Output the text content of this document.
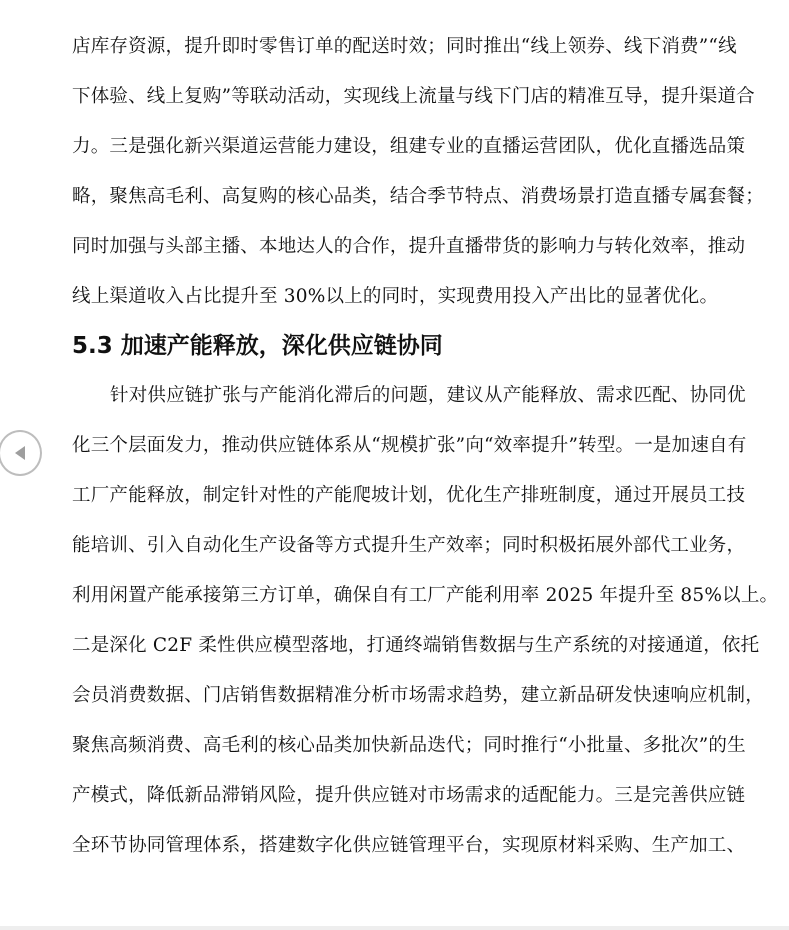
店库存资源，提升即时零售订单的配送时效；同时推出“线上领券、线下消费”“线
下体验、线上复购”等联动活动，实现线上流量与线下门店的精准互导，提升渠道合
力。三是强化新兴渠道运营能力建设，组建专业的直播运营团队，优化直播选品策
略，聚焦高毛利、高复购的核心品类，结合季节特点、消费场景打造直播专属套餐；
同时加强与头部主播、本地达人的合作，提升直播带货的影响力与转化效率，推动
线上渠道收入占比提升至 30%以上的同时，实现费用投入产出比的显著优化。
5.3 加速产能释放，深化供应链协同
针对供应链扩张与产能消化滞后的问题，建议从产能释放、需求匹配、协同优
化三个层面发力，推动供应链体系从“规模扩张”向“效率提升”转型。一是加速自有
工厂产能释放，制定针对性的产能爬坡计划，优化生产排班制度，通过开展员工技
能培训、引入自动化生产设备等方式提升生产效率；同时积极拓展外部代工业务，
利用闲置产能承接第三方订单，确保自有工厂产能利用率 2025 年提升至 85%以上。
二是深化 C2F 柔性供应模型落地，打通终端销售数据与生产系统的对接通道，依托
会员消费数据、门店销售数据精准分析市场需求趋势，建立新品研发快速响应机制，
聚焦高频消费、高毛利的核心品类加快新品迭代；同时推行“小批量、多批次”的生
产模式，降低新品滞销风险，提升供应链对市场需求的适配能力。三是完善供应链
全环节协同管理体系，搭建数字化供应链管理平台，实现原材料采购、生产加工、
